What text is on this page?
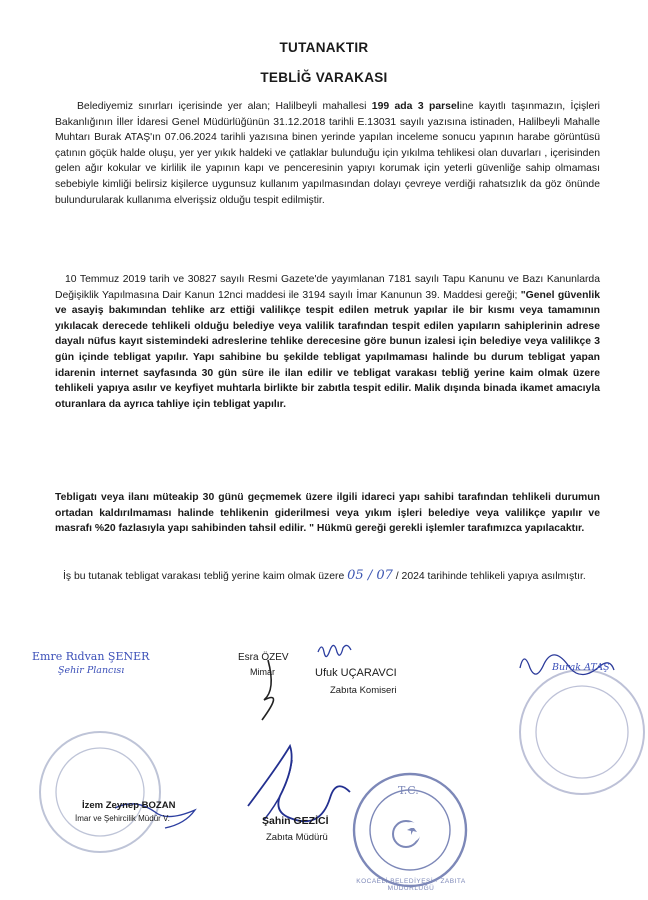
TUTANAKTIR
TEBLİĞ VARAKASI
Belediyemiz sınırları içerisinde yer alan; Halilbeyli mahallesi 199 ada 3 parseline kayıtlı taşınmazın, İçişleri Bakanlığının İller İdaresi Genel Müdürlüğünün 31.12.2018 tarihli E.13031 sayılı yazısına istinaden, Halilbeyli Mahalle Muhtarı Burak ATAŞ'ın 07.06.2024 tarihli yazısına binen yerinde yapılan inceleme sonucu yapının harabe görüntüsü çatının göçük halde oluşu, yer yer yıkık haldeki ve çatlaklar bulunduğu için yıkılma tehlikesi olan duvarları , içerisinden gelen ağır kokular ve kirlilik ile yapının kapı ve penceresinin yapıyı korumak için yeterli güvenliğe sahip olmaması sebebiyle kimliği belirsiz kişilerce uygunsuz kullanım yapılmasından dolayı çevreye verdiği rahatsızlık da göz önünde bulundurularak kullanıma elverişsiz olduğu tespit edilmiştir.
10 Temmuz 2019 tarih ve 30827 sayılı Resmi Gazete'de yayımlanan 7181 sayılı Tapu Kanunu ve Bazı Kanunlarda Değişiklik Yapılmasına Dair Kanun 12nci maddesi ile 3194 sayılı İmar Kanunun 39. Maddesi gereği; "Genel güvenlik ve asayiş bakımından tehlike arz ettiği valilikçe tespit edilen metruk yapılar ile bir kısmı veya tamamının yıkılacak derecede tehlikeli olduğu belediye veya valilik tarafından tespit edilen yapıların sahiplerinin adrese dayalı nüfus kayıt sistemindeki adreslerine tehlike derecesine göre bunun izalesi için belediye veya valilikçe 3 gün içinde tebligat yapılır. Yapı sahibine bu şekilde tebligat yapılmaması halinde bu durum tebligat yapan idarenin internet sayfasında 30 gün süre ile ilan edilir ve tebligat varakası tebliğ yerine kaim olmak üzere tehlikeli yapıya asılır ve keyfiyet muhtarla birlikte bir zabıtla tespit edilir. Malik dışında binada ikamet amacıyla oturanlara da ayrıca tahliye için tebligat yapılır.
Tebligatı veya ilanı müteakip 30 günü geçmemek üzere ilgili idareci yapı sahibi tarafından tehlikeli durumun ortadan kaldırılmaması halinde tehlikenin giderilmesi veya yıkım işleri belediye veya valilikçe yapılır ve masrafı %20 fazlasıyla yapı sahibinden tahsil edilir. " Hükmü gereği gerekli işlemler tarafımızca yapılacaktır.
İş bu tutanak tebligat varakası tebliğ yerine kaim olmak üzere 05 / 07 / 2024 tarihinde tehlikeli yapıya asılmıştır.
Emre Rıdvan ŞENER
Şehir Plancısı
Esra ÖZEV
Mimar	Ufuk UÇARAVCI
Zabıta Komiseri
Burak ATAŞ
İzem Zeynep BOZAN
İmar ve Şehircilik Müdür V.	Şahin GEZİCİ
Zabıta Müdürü
T.C.
KOCAELİ BELEDİYESİ · ZABITA MÜDÜRLÜĞÜ
